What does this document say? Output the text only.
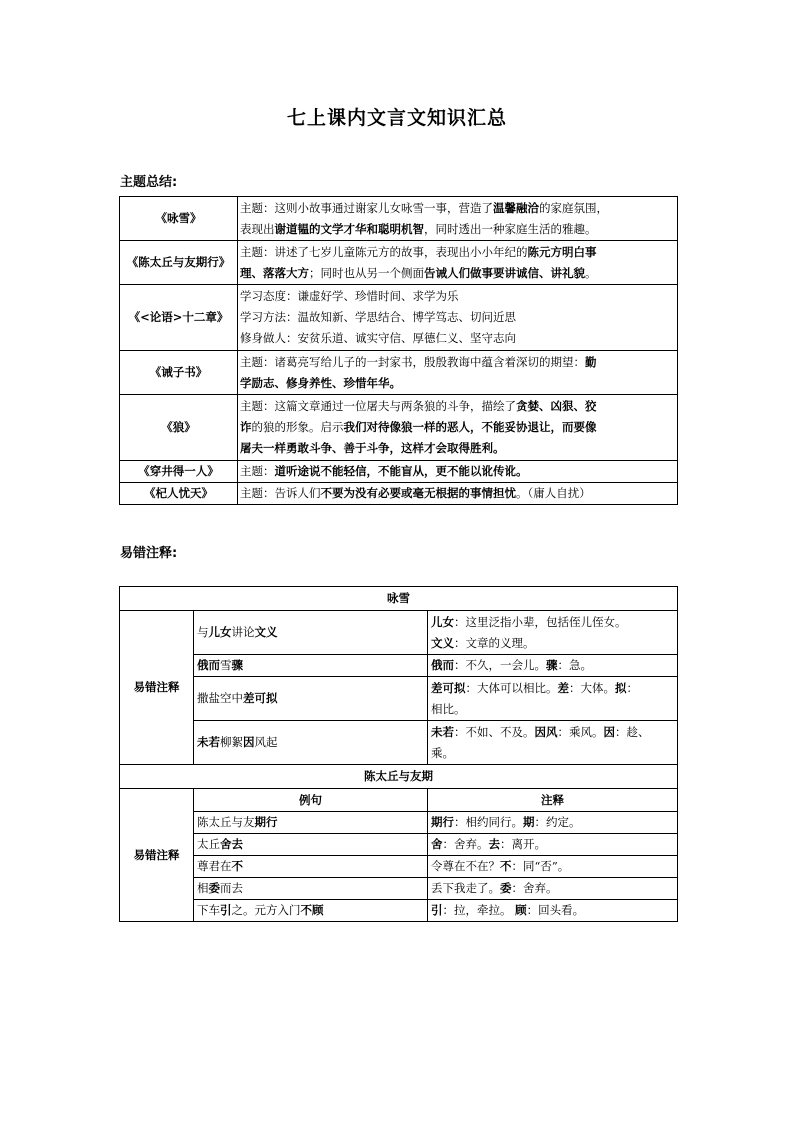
七上课内文言文知识汇总
主题总结:
《咏雪》	主题：这则小故事通过谢家儿女咏雪一事，营造了温馨融洽的家庭氛围，
表现出谢道韫的文学才华和聪明机智，同时透出一种家庭生活的雅趣。
《陈太丘与友期行》	主题：讲述了七岁儿童陈元方的故事，表现出小小年纪的陈元方明白事
理、落落大方；同时也从另一个侧面告诫人们做事要讲诚信、讲礼貌。
《<论语>十二章》	学习态度：谦虚好学、珍惜时间、求学为乐
学习方法：温故知新、学思结合、博学笃志、切问近思
修身做人：安贫乐道、诚实守信、厚德仁义、坚守志向
《诫子书》	主题：诸葛亮写给儿子的一封家书，殷殷教诲中蕴含着深切的期望：勤
学励志、修身养性、珍惜年华。
《狼》	主题：这篇文章通过一位屠夫与两条狼的斗争，描绘了贪婪、凶狠、狡
诈的狼的形象。启示我们对待像狼一样的恶人，不能妥协退让，而要像
屠夫一样勇敢斗争、善于斗争，这样才会取得胜利。
《穿井得一人》	主题：道听途说不能轻信，不能盲从，更不能以讹传讹。
《杞人忧天》	主题：告诉人们不要为没有必要或毫无根据的事情担忧。（庸人自扰）
易错注释:
咏雪		
易错注释	与儿女讲论文义	儿女：这里泛指小辈，包括侄儿侄女。
文义：文章的义理。
	俄而雪骤	俄而：不久，一会儿。骤：急。
	撒盐空中差可拟	差可拟：大体可以相比。差：大体。拟：
相比。
	未若柳絮因风起	未若：不如、不及。因风：乘风。因：趁、
乘。
陈太丘与友期		
易错注释	例句	注释
	陈太丘与友期行	期行：相约同行。期：约定。
	太丘舍去	舍：舍弃。去：离开。
	尊君在不	令尊在不在？不：同“否”。
	相委而去	丢下我走了。委：舍弃。
	下车引之。元方入门不顾	引：拉，牵拉。 顾：回头看。
